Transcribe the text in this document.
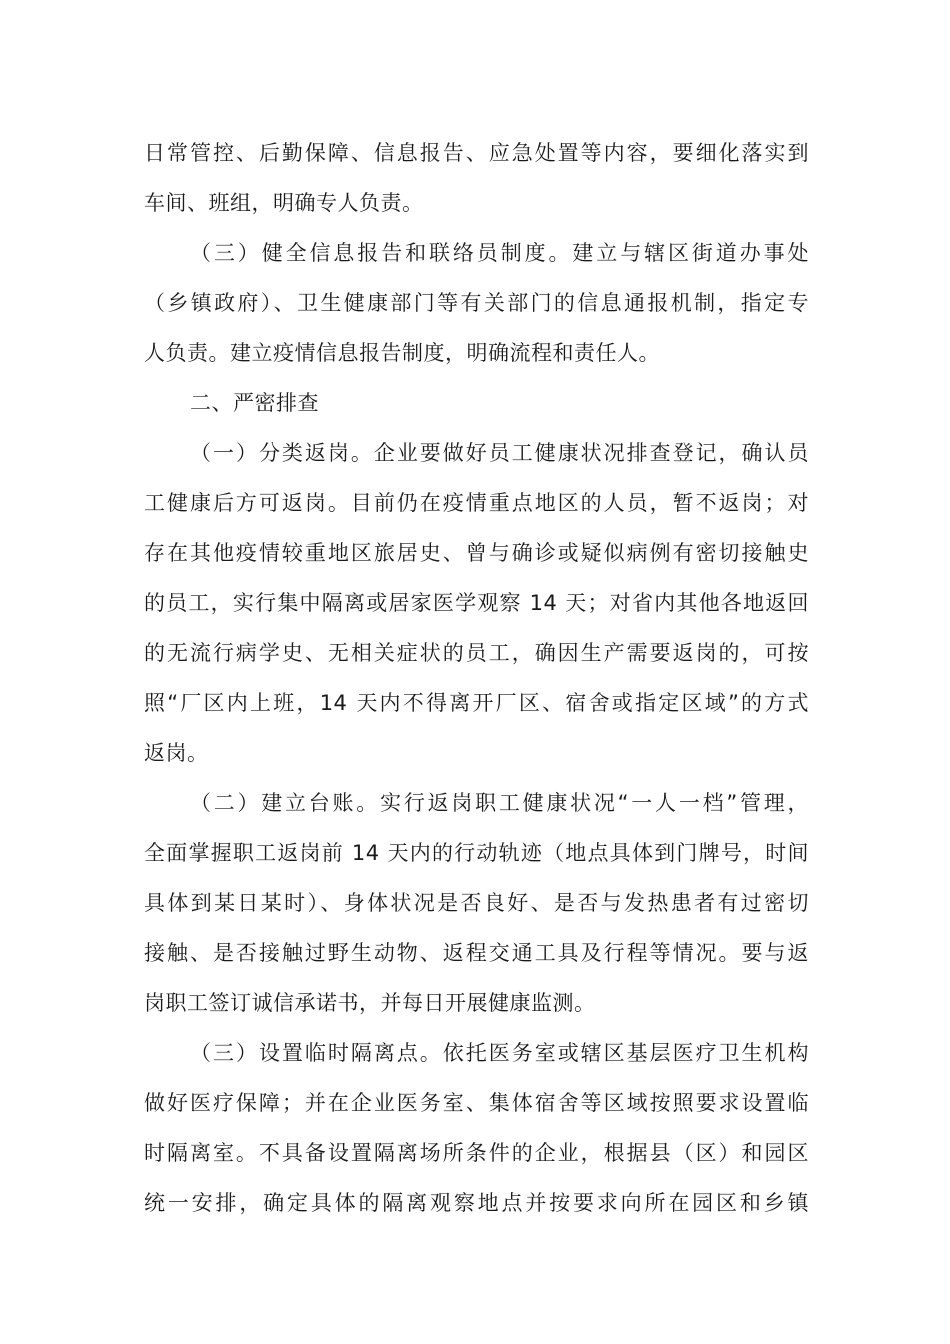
日常管控、后勤保障、信息报告、应急处置等内容，要细化落实到
车间、班组，明确专人负责。
（三）健全信息报告和联络员制度。建立与辖区街道办事处
（乡镇政府）、卫生健康部门等有关部门的信息通报机制，指定专
人负责。建立疫情信息报告制度，明确流程和责任人。
二、严密排查
（一）分类返岗。企业要做好员工健康状况排查登记，确认员
工健康后方可返岗。目前仍在疫情重点地区的人员，暂不返岗；对
存在其他疫情较重地区旅居史、曾与确诊或疑似病例有密切接触史
的员工，实行集中隔离或居家医学观察 14 天；对省内其他各地返回
的无流行病学史、无相关症状的员工，确因生产需要返岗的，可按
照“厂区内上班，14 天内不得离开厂区、宿舍或指定区域”的方式
返岗。
（二）建立台账。实行返岗职工健康状况“一人一档”管理，
全面掌握职工返岗前 14 天内的行动轨迹（地点具体到门牌号，时间
具体到某日某时）、身体状况是否良好、是否与发热患者有过密切
接触、是否接触过野生动物、返程交通工具及行程等情况。要与返
岗职工签订诚信承诺书，并每日开展健康监测。
（三）设置临时隔离点。依托医务室或辖区基层医疗卫生机构
做好医疗保障；并在企业医务室、集体宿舍等区域按照要求设置临
时隔离室。不具备设置隔离场所条件的企业，根据县（区）和园区
统一安排，确定具体的隔离观察地点并按要求向所在园区和乡镇
